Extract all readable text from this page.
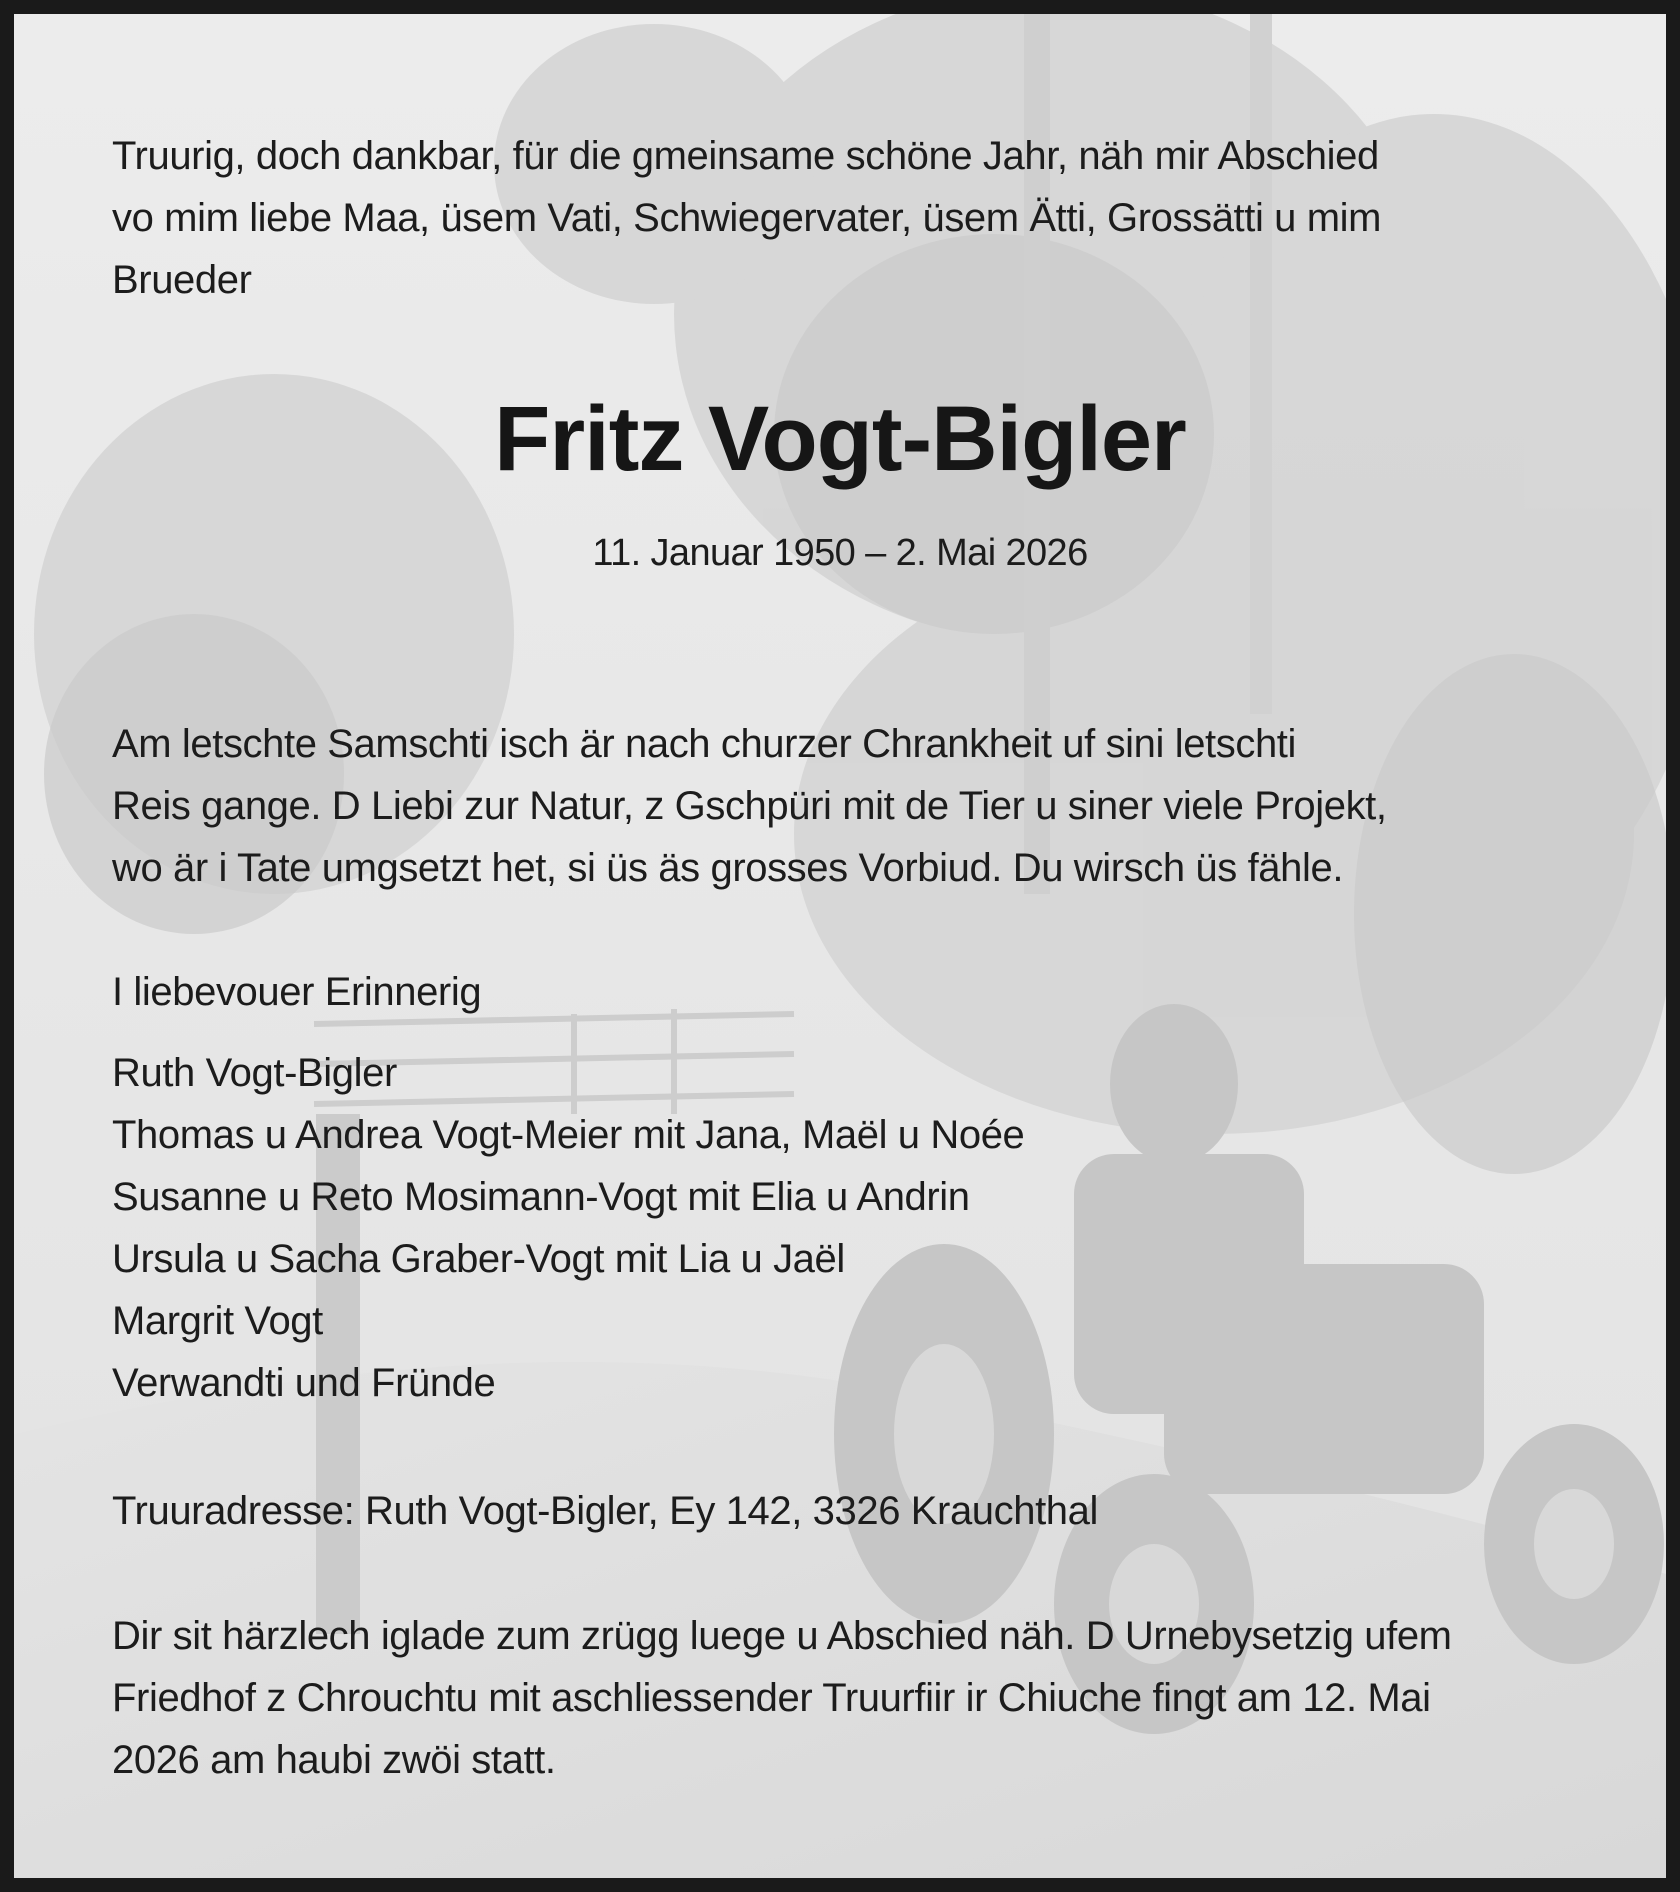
Truurig, doch dankbar, für die gmeinsame schöne Jahr, näh mir Abschied
vo mim liebe Maa, üsem Vati, Schwiegervater, üsem Ätti, Grossätti u mim
Brueder

Fritz Vogt-Bigler

11. Januar 1950 – 2. Mai 2026

Am letschte Samschti isch är nach churzer Chrankheit uf sini letschti
Reis gange. D Liebi zur Natur, z Gschpüri mit de Tier u siner viele Projekt,
wo är i Tate umgsetzt het, si üs äs grosses Vorbiud. Du wirsch üs fähle.

I liebevouer Erinnerig

Ruth Vogt-Bigler
Thomas u Andrea Vogt-Meier mit Jana, Maël u Noée
Susanne u Reto Mosimann-Vogt mit Elia u Andrin
Ursula u Sacha Graber-Vogt mit Lia u Jaël
Margrit Vogt
Verwandti und Fründe

Truuradresse: Ruth Vogt-Bigler, Ey 142, 3326 Krauchthal

Dir sit härzlech iglade zum zrügg luege u Abschied näh. D Urnebysetzig ufem
Friedhof z Chrouchtu mit aschliessender Truurfiir ir Chiuche fingt am 12. Mai
2026 am haubi zwöi statt.
